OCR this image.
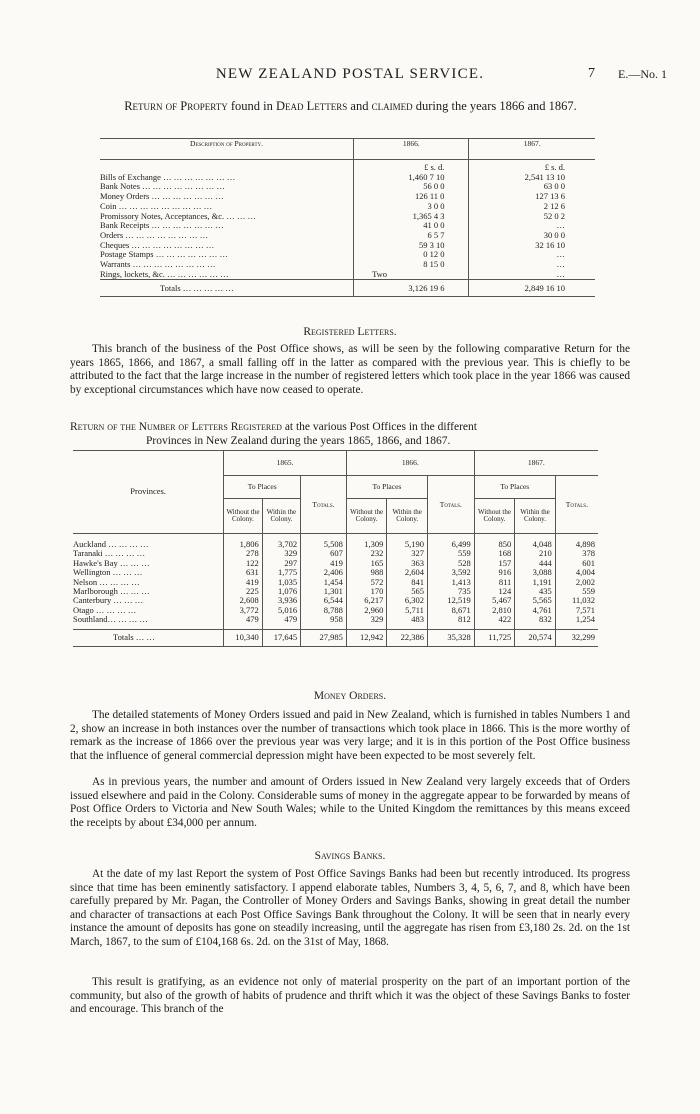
NEW ZEALAND POSTAL SERVICE.	7 E.—No. 1
Return of Property found in Dead Letters and claimed during the years 1866 and 1867.
Description of Property.	1866.	1867.
	£ s. d.	£ s. d.
Bills of Exchange … … … … … … …	1,460 7 10	2,541 13 10
Bank Notes … … … … … … … …	56 0 0	63 0 0
Money Orders … … … … … … …	126 11 0	127 13 6
Coin … … … … … … … … …	3 0 0	2 12 6
Promissory Notes, Acceptances, &c. … … …	1,365 4 3	52 0 2
Bank Receipts … … … … … … …	41 0 0	…
Orders … … … … … … … …	6 5 7	30 0 0
Cheques … … … … … … … …	59 3 10	32 16 10
Postage Stamps … … … … … … …	0 12 0	…
Warrants … … … … … … … …	8 15 0	…
Rings, lockets, &c. … … … … … …	Two	…
Totals … … … … …	3,126 19 6	2,849 16 10
Registered Letters.
This branch of the business of the Post Office shows, as will be seen by the following comparative Return for the years 1865, 1866, and 1867, a small falling off in the latter as compared with the previous year. This is chiefly to be attributed to the fact that the large increase in the number of registered letters which took place in the year 1866 was caused by exceptional circumstances which have now ceased to operate.
Return of the Number of Letters Registered at the various Post Offices in the different
Provinces in New Zealand during the years 1865, 1866, and 1867.
Provinces.	1865.			1866.			1867.		
	To Places		Totals.	To Places		Totals.	To Places		Totals.
	Without the Colony.	Within the Colony.		Without the Colony.	Within the Colony.		Without the Colony.	Within the Colony.	

Auckland … … … …	1,806	3,702	5,508	1,309	5,190	6,499	850	4,048	4,898
Taranaki … … … …	278	329	607	232	327	559	168	210	378
Hawke's Bay … … …	122	297	419	165	363	528	157	444	601
Wellington … … …	631	1,775	2,406	988	2,604	3,592	916	3,088	4,004
Nelson … … … …	419	1,035	1,454	572	841	1,413	811	1,191	2,002
Marlborough … … …	225	1,076	1,301	170	565	735	124	435	559
Canterbury … … …	2,608	3,936	6,544	6,217	6,302	12,519	5,467	5,565	11,032
Otago … … … …	3,772	5,016	8,788	2,960	5,711	8,671	2,810	4,761	7,571
Southland… … … …	479	479	958	329	483	812	422	832	1,254

Totals … …	10,340	17,645	27,985	12,942	22,386	35,328	11,725	20,574	32,299
Money Orders.
The detailed statements of Money Orders issued and paid in New Zealand, which is furnished in tables Numbers 1 and 2, show an increase in both instances over the number of transactions which took place in 1866. This is the more worthy of remark as the increase of 1866 over the previous year was very large; and it is in this portion of the Post Office business that the influence of general commercial depression might have been expected to be most severely felt.
As in previous years, the number and amount of Orders issued in New Zealand very largely exceeds that of Orders issued elsewhere and paid in the Colony. Considerable sums of money in the aggregate appear to be forwarded by means of Post Office Orders to Victoria and New South Wales; while to the United Kingdom the remittances by this means exceed the receipts by about £34,000 per annum.
Savings Banks.
At the date of my last Report the system of Post Office Savings Banks had been but recently introduced. Its progress since that time has been eminently satisfactory. I append elaborate tables, Numbers 3, 4, 5, 6, 7, and 8, which have been carefully prepared by Mr. Pagan, the Controller of Money Orders and Savings Banks, showing in great detail the number and character of transactions at each Post Office Savings Bank throughout the Colony. It will be seen that in nearly every instance the amount of deposits has gone on steadily increasing, until the aggregate has risen from £3,180 2s. 2d. on the 1st March, 1867, to the sum of £104,168 6s. 2d. on the 31st of May, 1868.
This result is gratifying, as an evidence not only of material prosperity on the part of an important portion of the community, but also of the growth of habits of prudence and thrift which it was the object of these Savings Banks to foster and encourage. This branch of the
